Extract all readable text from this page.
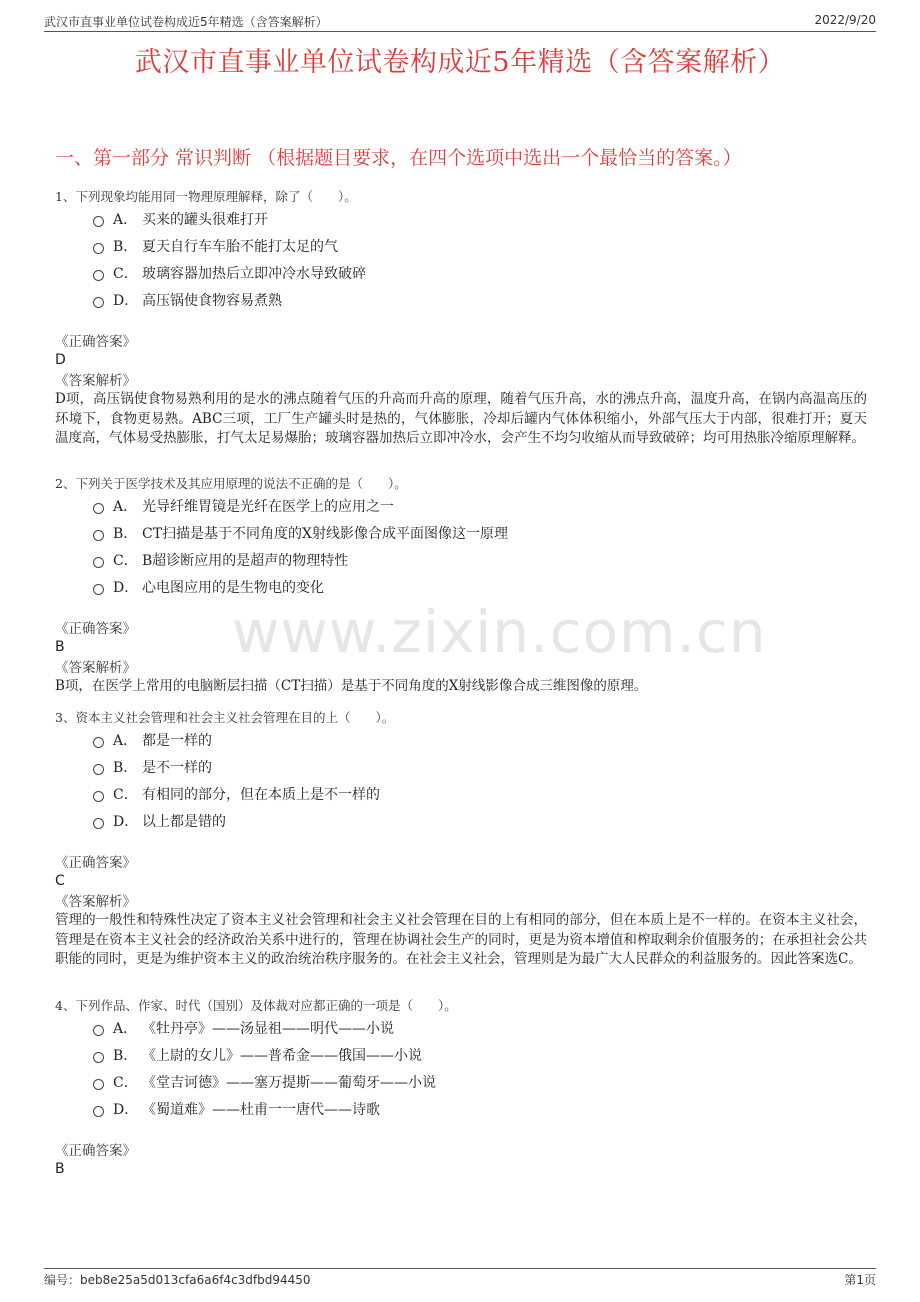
武汉市直事业单位试卷构成近5年精选（含答案解析）	2022/9/20
武汉市直事业单位试卷构成近5年精选（含答案解析）
一、第一部分 常识判断 （根据题目要求，在四个选项中选出一个最恰当的答案。）
www.zixin.com.cn
1、下列现象均能用同一物理原理解释，除了（　　）。
A． 买来的罐头很难打开
B． 夏天自行车车胎不能打太足的气
C． 玻璃容器加热后立即冲冷水导致破碎
D． 高压锅使食物容易煮熟
《正确答案》
D
《答案解析》
D项，高压锅使食物易熟利用的是水的沸点随着气压的升高而升高的原理，随着气压升高，水的沸点升高，温度升高，在锅内高温高压的环境下，食物更易熟。ABC三项，工厂生产罐头时是热的，气体膨胀，冷却后罐内气体体积缩小，外部气压大于内部，很难打开；夏天温度高，气体易受热膨胀，打气太足易爆胎；玻璃容器加热后立即冲冷水，会产生不均匀收缩从而导致破碎；均可用热胀冷缩原理解释。
2、下列关于医学技术及其应用原理的说法不正确的是（　　）。
A． 光导纤维胃镜是光纤在医学上的应用之一
B． CT扫描是基于不同角度的X射线影像合成平面图像这一原理
C． B超诊断应用的是超声的物理特性
D． 心电图应用的是生物电的变化
《正确答案》
B
《答案解析》
B项，在医学上常用的电脑断层扫描（CT扫描）是基于不同角度的X射线影像合成三维图像的原理。
3、资本主义社会管理和社会主义社会管理在目的上（　　）。
A． 都是一样的
B． 是不一样的
C． 有相同的部分，但在本质上是不一样的
D． 以上都是错的
《正确答案》
C
《答案解析》
管理的一般性和特殊性决定了资本主义社会管理和社会主义社会管理在目的上有相同的部分，但在本质上是不一样的。在资本主义社会，管理是在资本主义社会的经济政治关系中进行的，管理在协调社会生产的同时，更是为资本增值和榨取剩余价值服务的；在承担社会公共职能的同时，更是为维护资本主义的政治统治秩序服务的。在社会主义社会，管理则是为最广大人民群众的利益服务的。因此答案选C。
4、下列作品、作家、时代（国别）及体裁对应都正确的一项是（　　）。
A． 《牡丹亭》——汤显祖——明代——小说
B． 《上尉的女儿》——普希金——俄国——小说
C． 《堂吉诃德》——塞万提斯——葡萄牙——小说
D． 《蜀道难》——杜甫一一唐代——诗歌
《正确答案》
B
编号：beb8e25a5d013cfa6a6f4c3dfbd94450	第1页
